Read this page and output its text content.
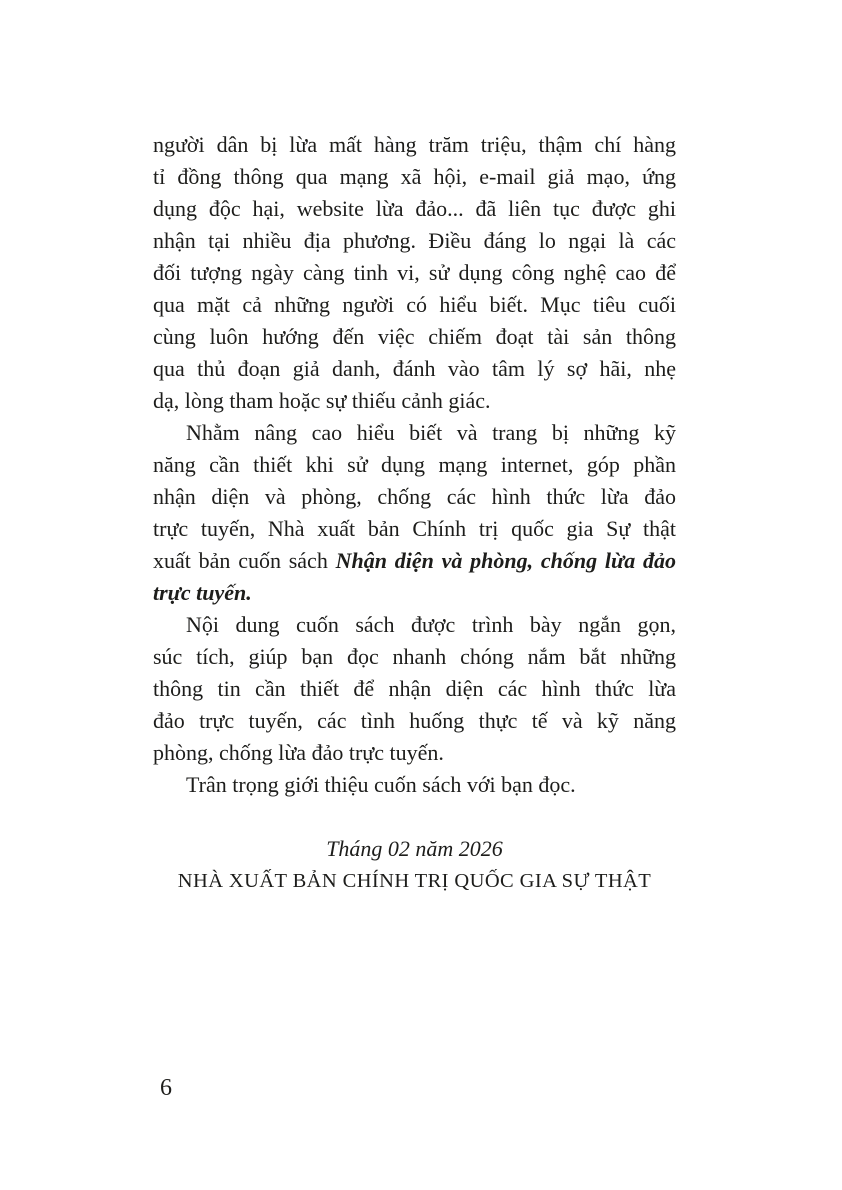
người dân bị lừa mất hàng trăm triệu, thậm chí hàng
tỉ đồng thông qua mạng xã hội, e-mail giả mạo, ứng
dụng độc hại, website lừa đảo... đã liên tục được ghi
nhận tại nhiều địa phương. Điều đáng lo ngại là các
đối tượng ngày càng tinh vi, sử dụng công nghệ cao để
qua mặt cả những người có hiểu biết. Mục tiêu cuối
cùng luôn hướng đến việc chiếm đoạt tài sản thông
qua thủ đoạn giả danh, đánh vào tâm lý sợ hãi, nhẹ
dạ, lòng tham hoặc sự thiếu cảnh giác.
Nhằm nâng cao hiểu biết và trang bị những kỹ
năng cần thiết khi sử dụng mạng internet, góp phần
nhận diện và phòng, chống các hình thức lừa đảo
trực tuyến, Nhà xuất bản Chính trị quốc gia Sự thật
xuất bản cuốn sách Nhận diện và phòng, chống lừa đảo
trực tuyến.
Nội dung cuốn sách được trình bày ngắn gọn,
súc tích, giúp bạn đọc nhanh chóng nắm bắt những
thông tin cần thiết để nhận diện các hình thức lừa
đảo trực tuyến, các tình huống thực tế và kỹ năng
phòng, chống lừa đảo trực tuyến.
Trân trọng giới thiệu cuốn sách với bạn đọc.
Tháng 02 năm 2026
NHÀ XUẤT BẢN CHÍNH TRỊ QUỐC GIA SỰ THẬT
6
